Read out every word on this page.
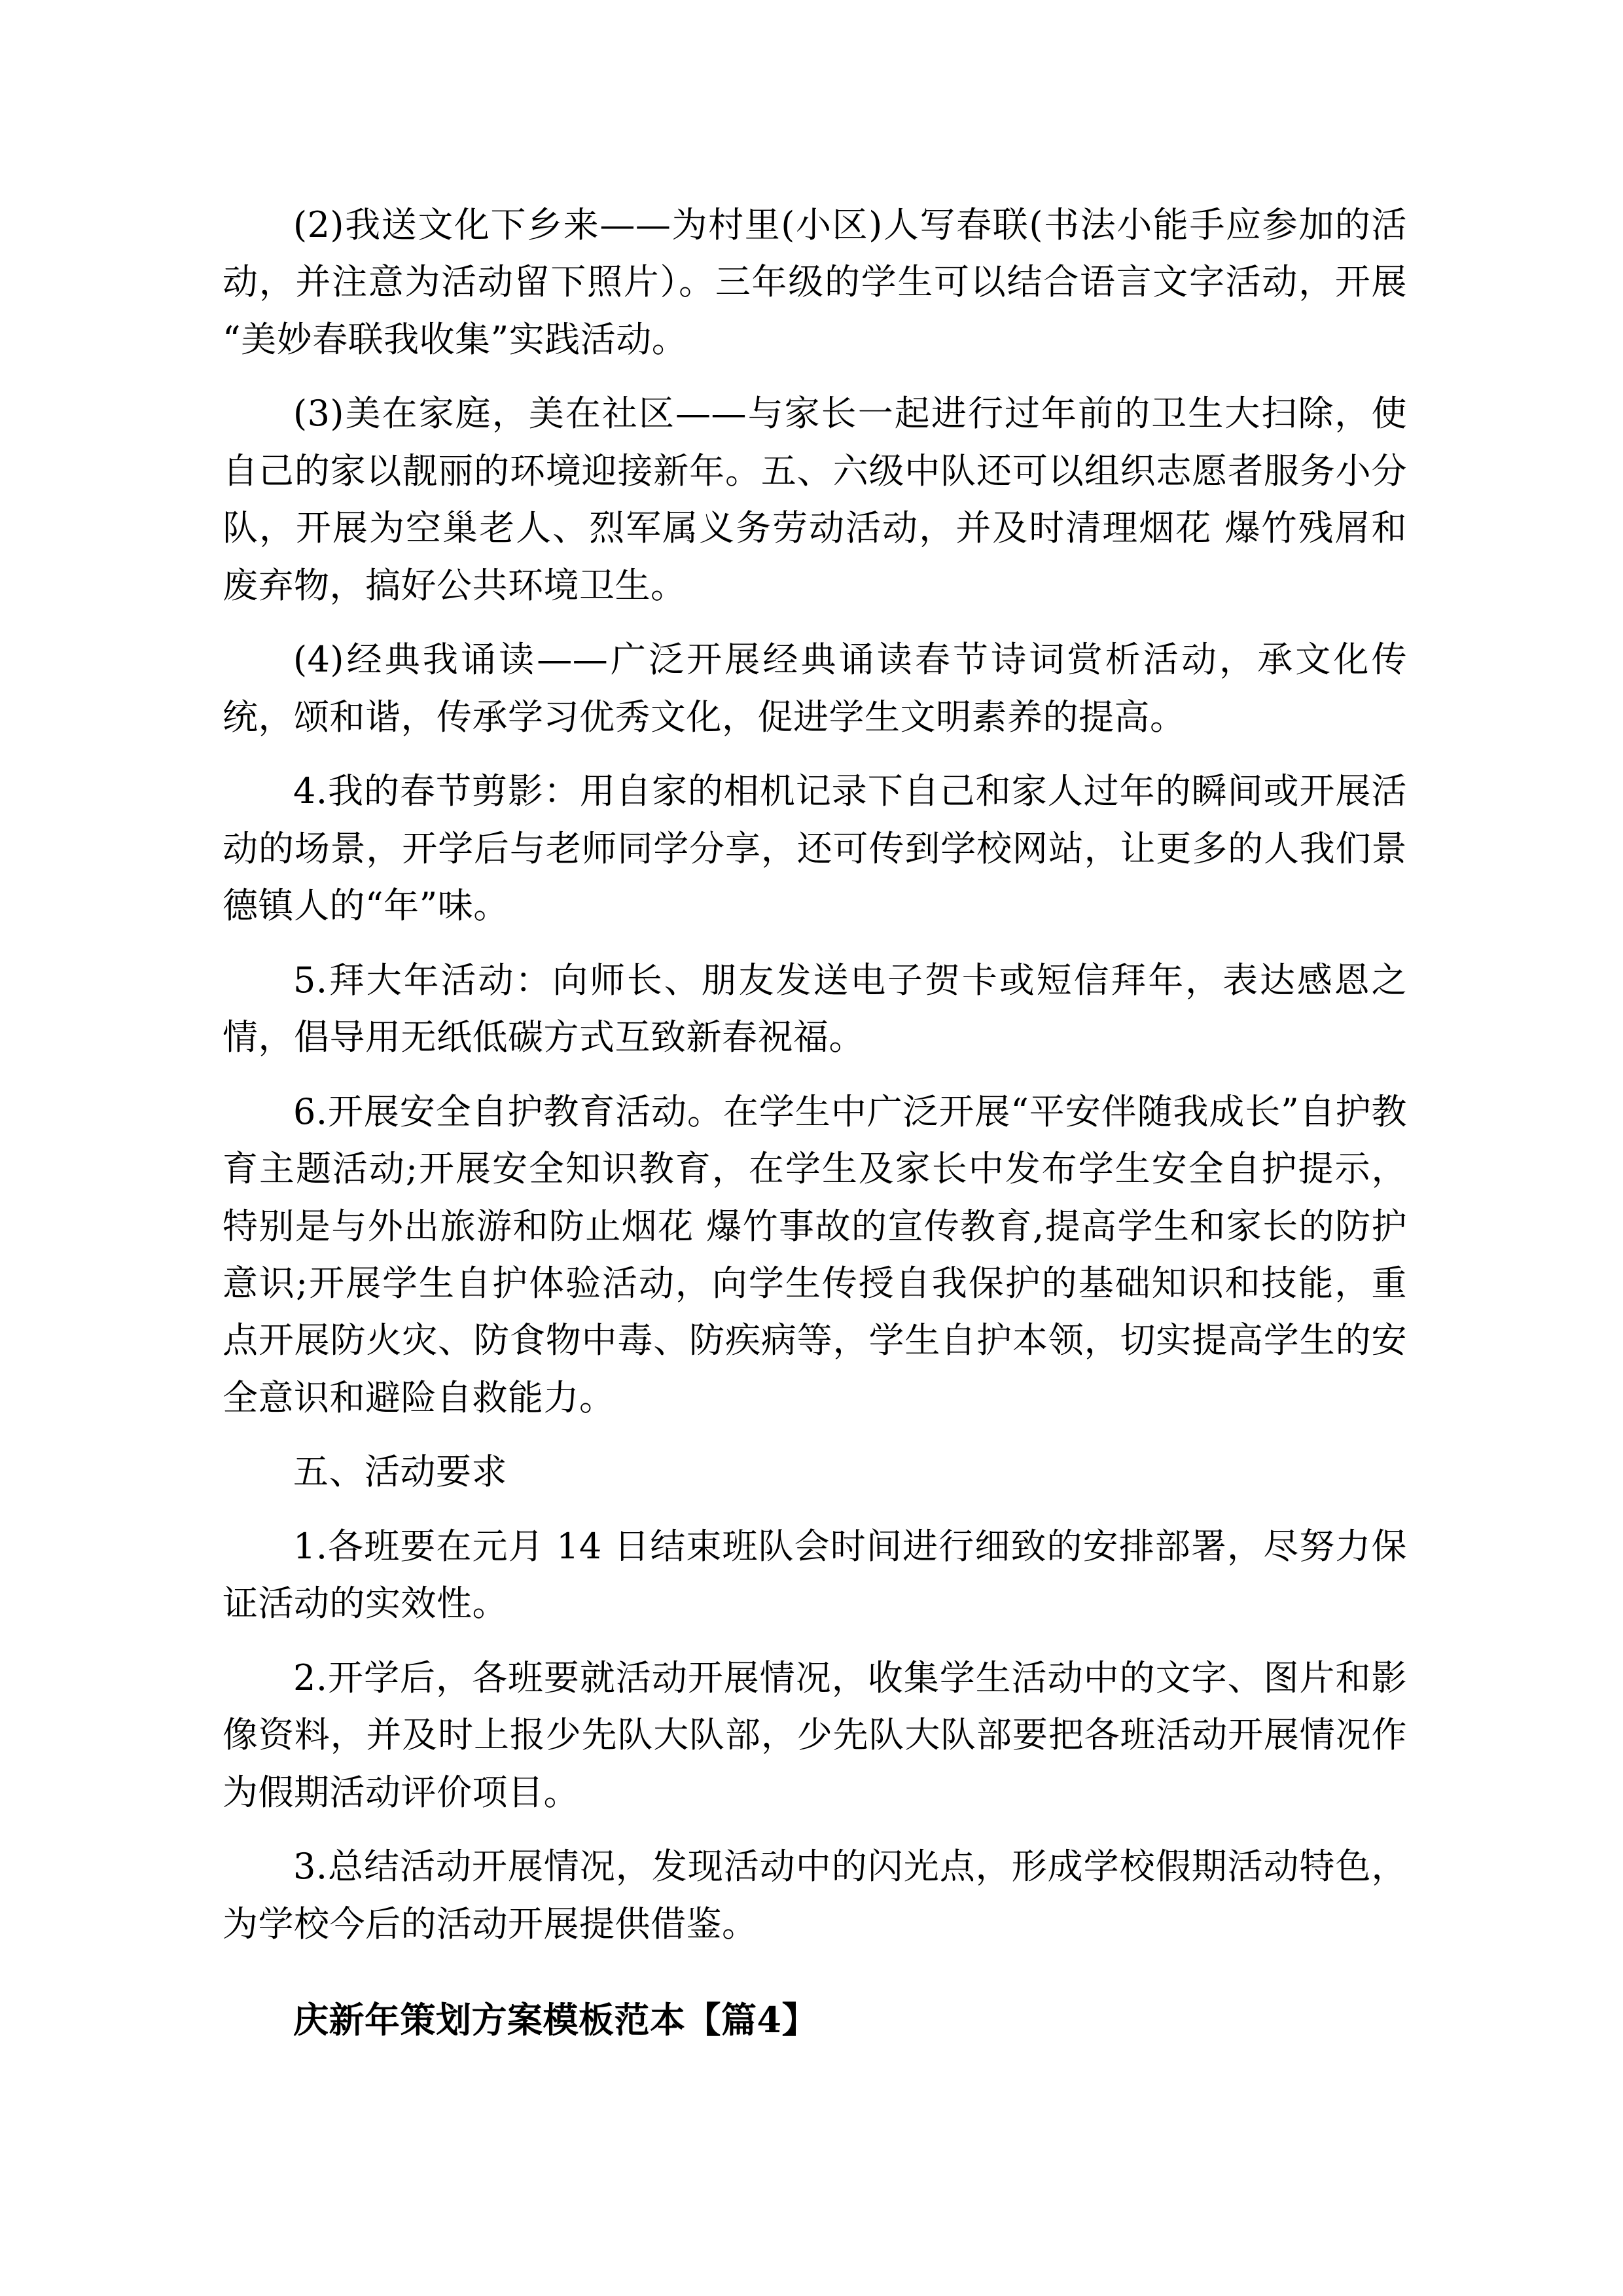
(2)我送文化下乡来——为村里(小区)人写春联(书法小能手应参加的活动，并注意为活动留下照片）。三年级的学生可以结合语言文字活动，开展“美妙春联我收集”实践活动。

(3)美在家庭，美在社区——与家长一起进行过年前的卫生大扫除，使自己的家以靓丽的环境迎接新年。五、六级中队还可以组织志愿者服务小分队，开展为空巢老人、烈军属义务劳动活动，并及时清理烟花 爆竹残屑和废弃物，搞好公共环境卫生。

(4)经典我诵读——广泛开展经典诵读春节诗词赏析活动，承文化传统，颂和谐，传承学习优秀文化，促进学生文明素养的提高。

4.我的春节剪影：用自家的相机记录下自己和家人过年的瞬间或开展活动的场景，开学后与老师同学分享，还可传到学校网站，让更多的人我们景德镇人的“年”味。

5.拜大年活动：向师长、朋友发送电子贺卡或短信拜年，表达感恩之情，倡导用无纸低碳方式互致新春祝福。

6.开展安全自护教育活动。在学生中广泛开展“平安伴随我成长”自护教育主题活动;开展安全知识教育，在学生及家长中发布学生安全自护提示，特别是与外出旅游和防止烟花 爆竹事故的宣传教育,提高学生和家长的防护意识;开展学生自护体验活动，向学生传授自我保护的基础知识和技能，重点开展防火灾、防食物中毒、防疾病等，学生自护本领，切实提高学生的安全意识和避险自救能力。

五、活动要求

1.各班要在元月 14 日结束班队会时间进行细致的安排部署，尽努力保证活动的实效性。

2.开学后，各班要就活动开展情况，收集学生活动中的文字、图片和影像资料，并及时上报少先队大队部，少先队大队部要把各班活动开展情况作为假期活动评价项目。

3.总结活动开展情况，发现活动中的闪光点，形成学校假期活动特色，为学校今后的活动开展提供借鉴。

庆新年策划方案模板范本【篇4】
